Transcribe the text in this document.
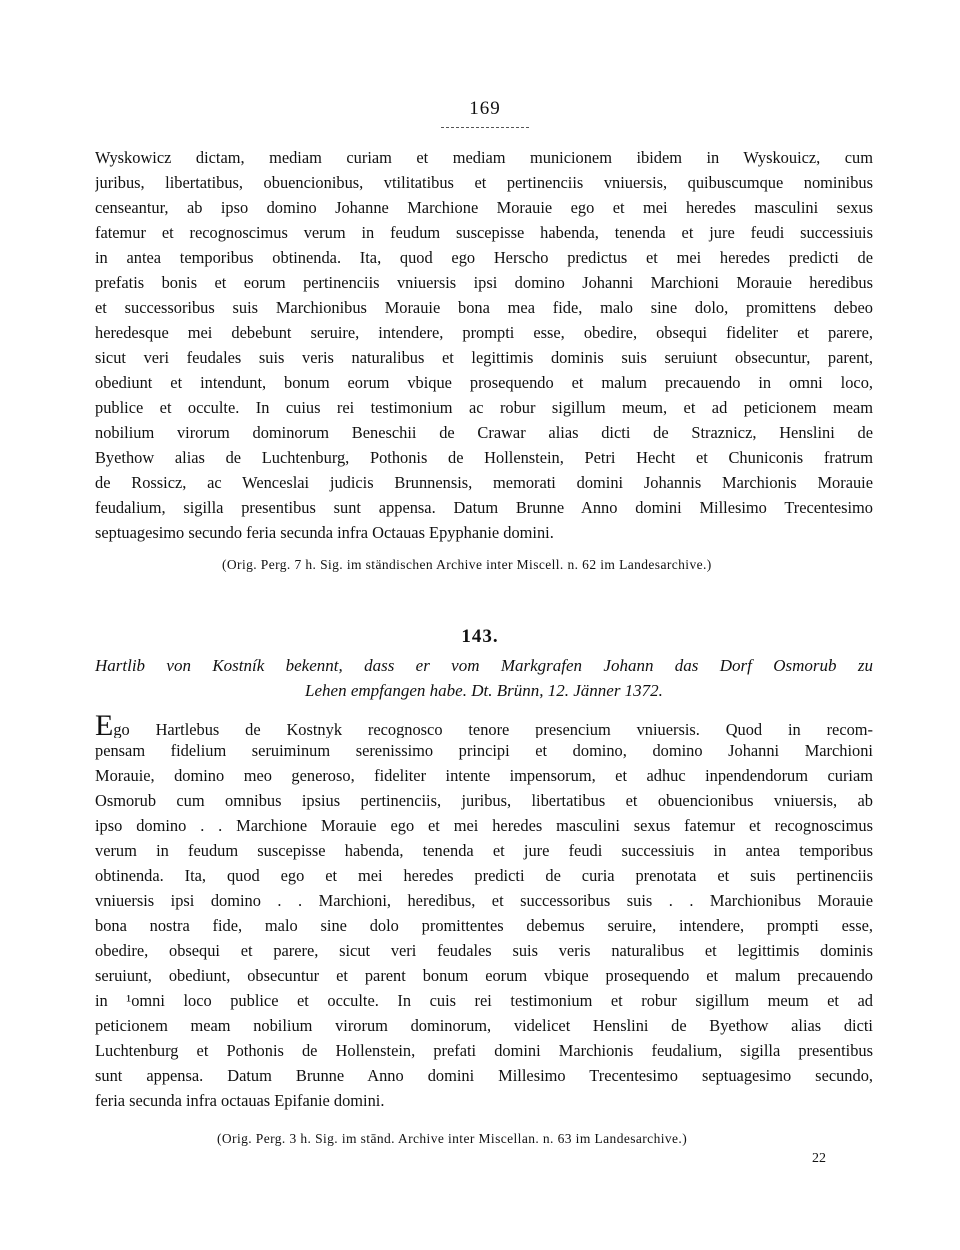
169
Wyskowicz dictam, mediam curiam et mediam municionem ibidem in Wyskouicz, cum
juribus, libertatibus, obuencionibus, vtilitatibus et pertinenciis vniuersis, quibuscumque nominibus
censeantur, ab ipso domino Johanne Marchione Morauie ego et mei heredes masculini sexus
fatemur et recognoscimus verum in feudum suscepisse habenda, tenenda et jure feudi successiuis
in antea temporibus obtinenda. Ita, quod ego Herscho predictus et mei heredes predicti de
prefatis bonis et eorum pertinenciis vniuersis ipsi domino Johanni Marchioni Morauie heredibus
et successoribus suis Marchionibus Morauie bona mea fide, malo sine dolo, promittens debeo
heredesque mei debebunt seruire, intendere, prompti esse, obedire, obsequi fideliter et parere,
sicut veri feudales suis veris naturalibus et legittimis dominis suis seruiunt obsecuntur, parent,
obediunt et intendunt, bonum eorum vbique prosequendo et malum precauendo in omni loco,
publice et occulte. In cuius rei testimonium ac robur sigillum meum, et ad peticionem meam
nobilium virorum dominorum Beneschii de Crawar alias dicti de Straznicz, Henslini de
Byethow alias de Luchtenburg, Pothonis de Hollenstein, Petri Hecht et Chuniconis fratrum
de Rossicz, ac Wenceslai judicis Brunnensis, memorati domini Johannis Marchionis Morauie
feudalium, sigilla presentibus sunt appensa. Datum Brunne Anno domini Millesimo Trecentesimo
septuagesimo secundo feria secunda infra Octauas Epyphanie domini.
(Orig. Perg. 7 h. Sig. im ständischen Archive inter Miscell. n. 62 im Landesarchive.)
143.
Hartlib von Kostník bekennt, dass er vom Markgrafen Johann das Dorf Osmorub zu
Lehen empfangen habe. Dt. Brünn, 12. Jänner 1372.
Ego Hartlebus de Kostnyk recognosco tenore presencium vniuersis. Quod in recom-
pensam fidelium seruiminum serenissimo principi et domino, domino Johanni Marchioni
Morauie, domino meo generoso, fideliter intente impensorum, et adhuc inpendendorum curiam
Osmorub cum omnibus ipsius pertinenciis, juribus, libertatibus et obuencionibus vniuersis, ab
ipso domino . . Marchione Morauie ego et mei heredes masculini sexus fatemur et recognoscimus
verum in feudum suscepisse habenda, tenenda et jure feudi successiuis in antea temporibus
obtinenda. Ita, quod ego et mei heredes predicti de curia prenotata et suis pertinenciis
vniuersis ipsi domino . . Marchioni, heredibus, et successoribus suis . . Marchionibus Morauie
bona nostra fide, malo sine dolo promittentes debemus seruire, intendere, prompti esse,
obedire, obsequi et parere, sicut veri feudales suis veris naturalibus et legittimis dominis
seruiunt, obediunt, obsecuntur et parent bonum eorum vbique prosequendo et malum precauendo
in ¹omni loco publice et occulte. In cuis rei testimonium et robur sigillum meum et ad
peticionem meam nobilium virorum dominorum, videlicet Henslini de Byethow alias dicti
Luchtenburg et Pothonis de Hollenstein, prefati domini Marchionis feudalium, sigilla presentibus
sunt appensa. Datum Brunne Anno domini Millesimo Trecentesimo septuagesimo secundo,
feria secunda infra octauas Epifanie domini.
(Orig. Perg. 3 h. Sig. im stānd. Archive inter Miscellan. n. 63 im Landesarchive.)
22
